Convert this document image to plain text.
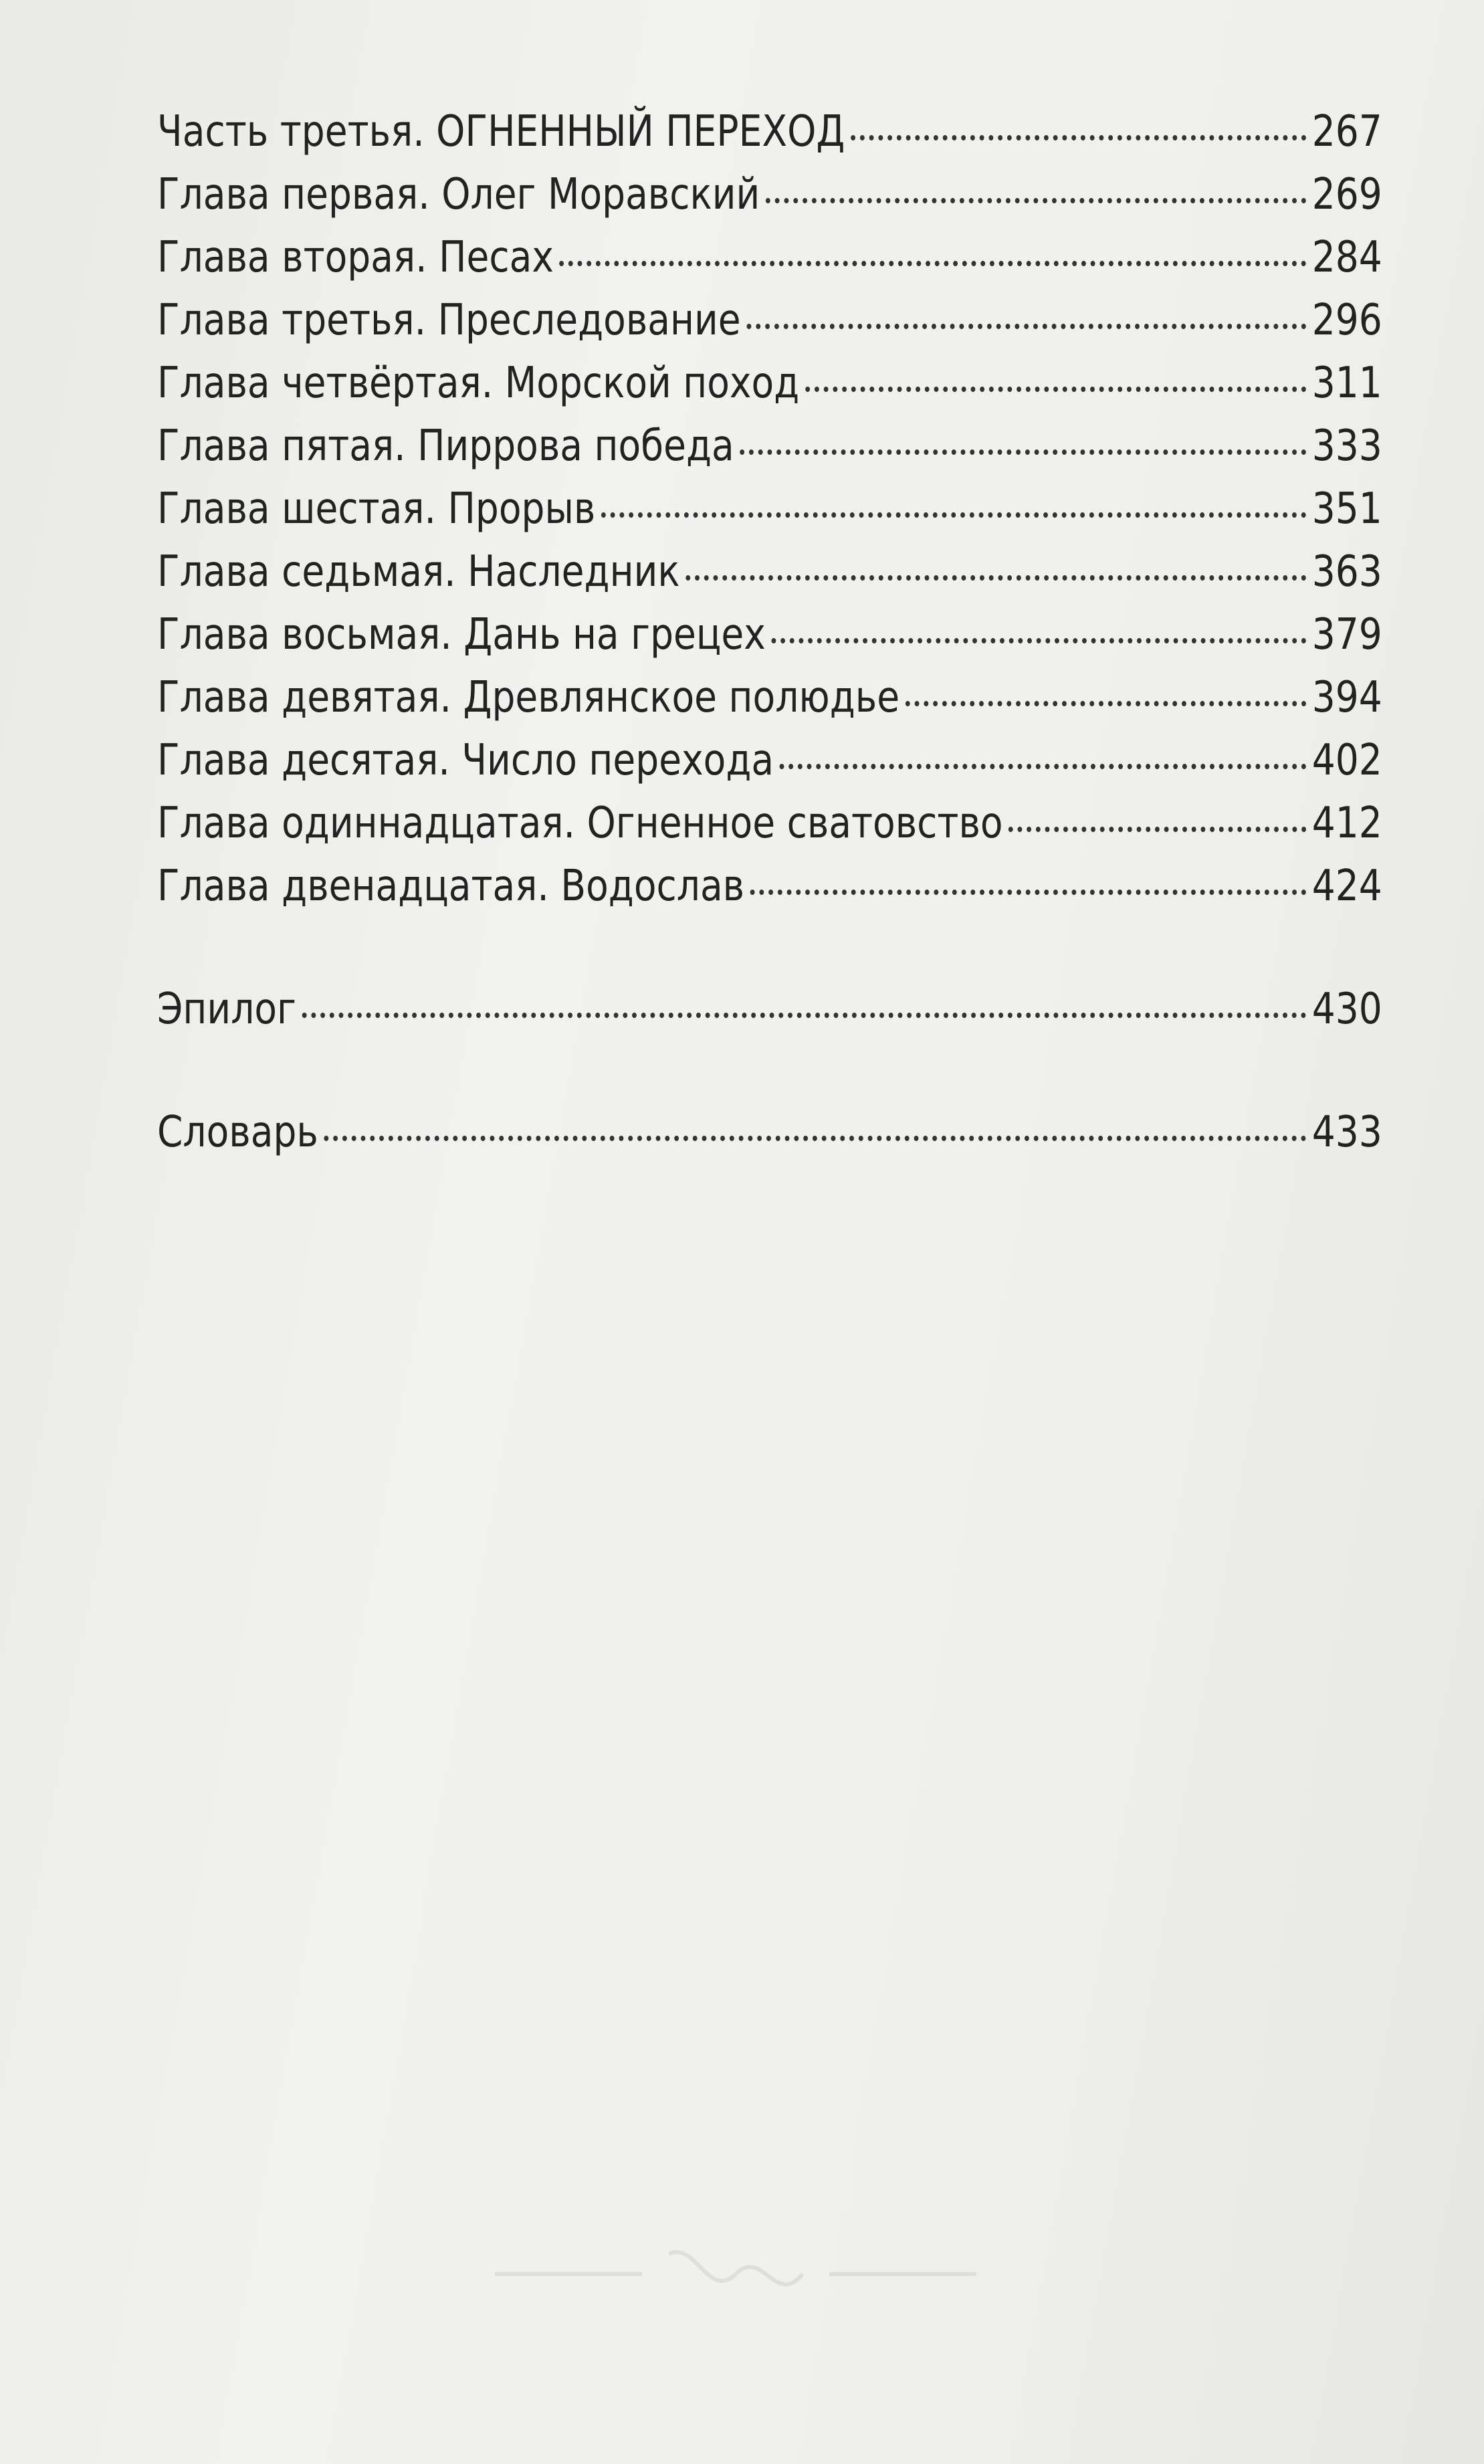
Часть третья. ОГНЕННЫЙ ПЕРЕХОД	267
Глава первая. Олег Моравский	269
Глава вторая. Песах	284
Глава третья. Преследование	296
Глава четвёртая. Морской поход	311
Глава пятая. Пиррова победа	333
Глава шестая. Прорыв	351
Глава седьмая. Наследник	363
Глава восьмая. Дань на грецех	379
Глава девятая. Древлянское полюдье	394
Глава десятая. Число перехода	402
Глава одиннадцатая. Огненное сватовство	412
Глава двенадцатая. Водослав	424
Эпилог	430
Словарь	433
